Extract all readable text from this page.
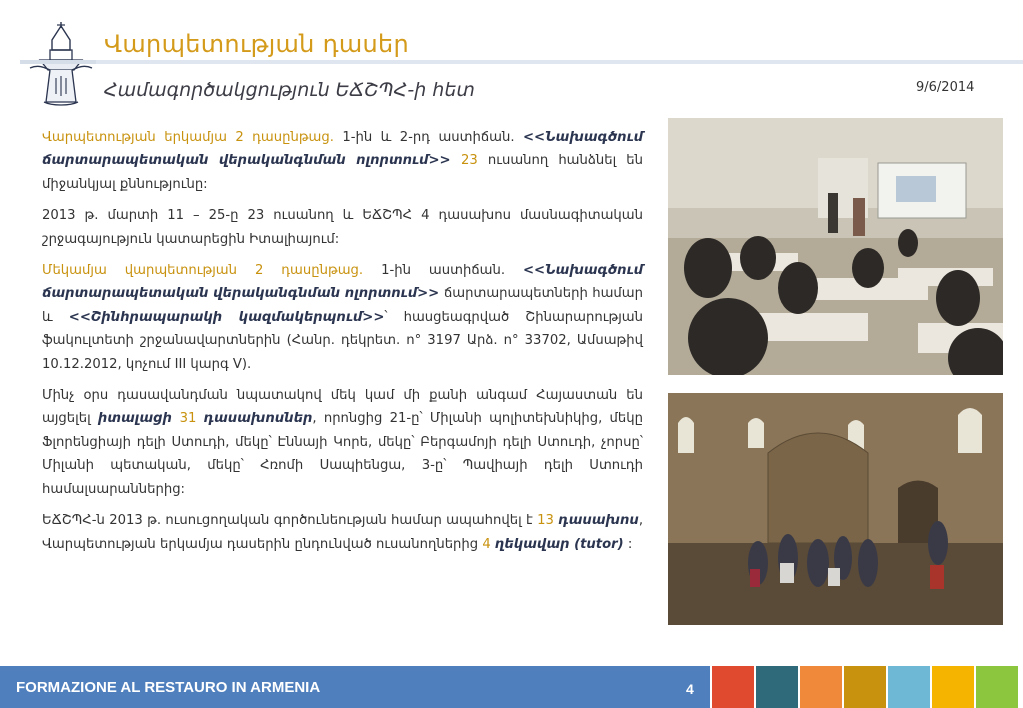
Վարպետության դասեր
Համագործակցություն ԵՃՇՊՀ-ի հետ	9/6/2014

Վարպետության երկամյա 2 դասընթաց. 1-ին և 2-րդ աստիճան. <<Նախագծում ճարտարապետական վերականգնման ոլորտում>> 23 ուսանող հանձնել են միջանկյալ քննությունը:

2013 թ. մարտի 11 – 25-ը 23 ուսանող և ԵՃՇՊՀ 4 դասախոս մասնագիտական շրջագայություն կատարեցին Իտալիայում:

Մեկամյա վարպետության 2 դասընթաց. 1-ին աստիճան. <<Նախագծում ճարտարապետական վերականգնման ոլորտում>> ճարտարապետների համար և <<Շինհրապարակի կազմակերպում>>՝ հասցեագրված Շինարարության ֆակուլտետի շրջանավարտներին (Հանր. դեկրետ. n° 3197 Արձ. n° 33702, Ամսաթիվ 10.12.2012, կոչում III կարգ V).

Մինչ օրս դասավանդման նպատակով մեկ կամ մի քանի անգամ Հայաստան են այցելել իտալացի 31 դասախոսներ, որոնցից 21-ը՝ Միլանի պոլիտեխնիկից, մեկը Ֆլորենցիայի դելի Ստուդի, մեկը՝ Էննայի Կորե, մեկը՝ Բերգամոյի դելի Ստուդի, չորսը՝ Միլանի պետական, մեկը՝ Հռոմի Սապիենցա, 3-ը՝ Պավիայի դելի Ստուդի համալսարաններից:

ԵՃՇՊՀ-ն 2013 թ. ուսուցողական գործունեության համար ապահովել է 13 դասախոս, Վարպետության երկամյա դասերին ընդունված ուսանողներից 4 ղեկավար (tutor) :

FORMAZIONE AL RESTAURO IN ARMENIA	4
